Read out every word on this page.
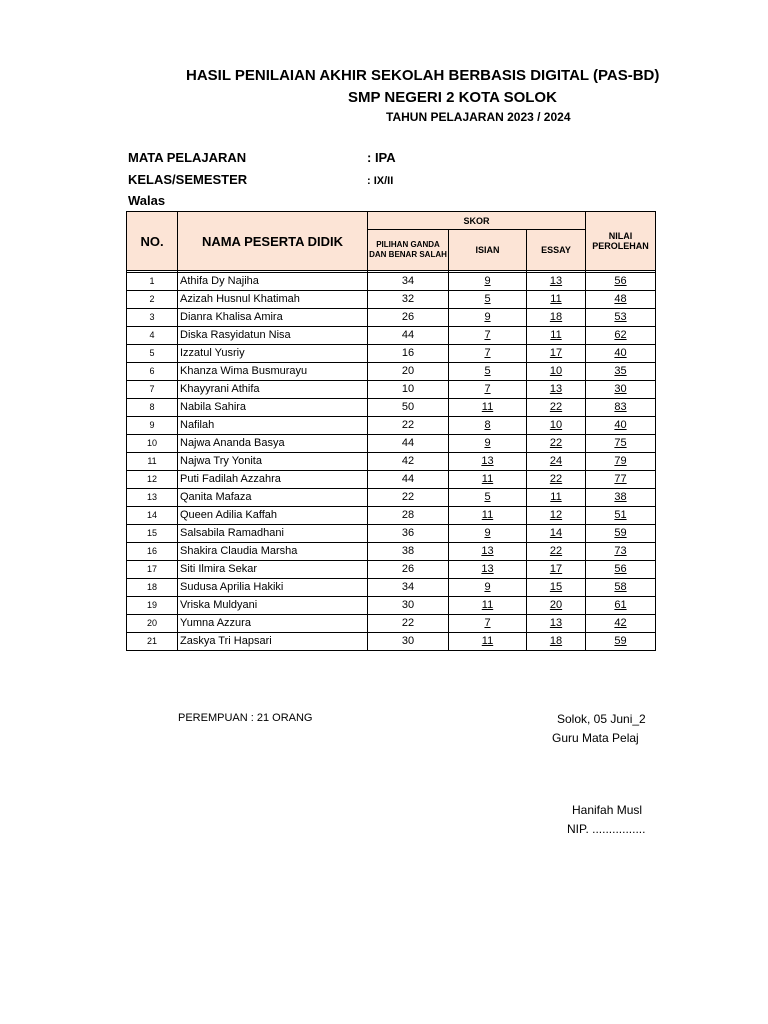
HASIL PENILAIAN AKHIR SEKOLAH BERBASIS DIGITAL (PAS-BD)
SMP NEGERI 2 KOTA SOLOK
TAHUN PELAJARAN 2023 / 2024
MATA PELAJARAN	: IPA
KELAS/SEMESTER	: IX/II
Walas
NO.	NAMA PESERTA DIDIK	SKOR			NILAI PEROLEHAN
		PILIHAN GANDA DAN BENAR SALAH	ISIAN	ESSAY	

1	Athifa Dy Najiha	34	9	13	56
2	Azizah Husnul Khatimah	32	5	11	48
3	Dianra Khalisa Amira	26	9	18	53
4	Diska Rasyidatun Nisa	44	7	11	62
5	Izzatul Yusriy	16	7	17	40
6	Khanza Wima Busmurayu	20	5	10	35
7	Khayyrani Athifa	10	7	13	30
8	Nabila Sahira	50	11	22	83
9	Nafilah	22	8	10	40
10	Najwa Ananda Basya	44	9	22	75
11	Najwa Try Yonita	42	13	24	79
12	Puti Fadilah Azzahra	44	11	22	77
13	Qanita Mafaza	22	5	11	38
14	Queen Adilia Kaffah	28	11	12	51
15	Salsabila Ramadhani	36	9	14	59
16	Shakira Claudia Marsha	38	13	22	73
17	Siti Ilmira Sekar	26	13	17	56
18	Sudusa Aprilia Hakiki	34	9	15	58
19	Vriska Muldyani	30	11	20	61
20	Yumna Azzura	22	7	13	42
21	Zaskya Tri Hapsari	30	11	18	59
PEREMPUAN : 21 ORANG	Solok, 05 Juni_2
Guru Mata Pelaj
Hanifah Musl
NIP. ................
